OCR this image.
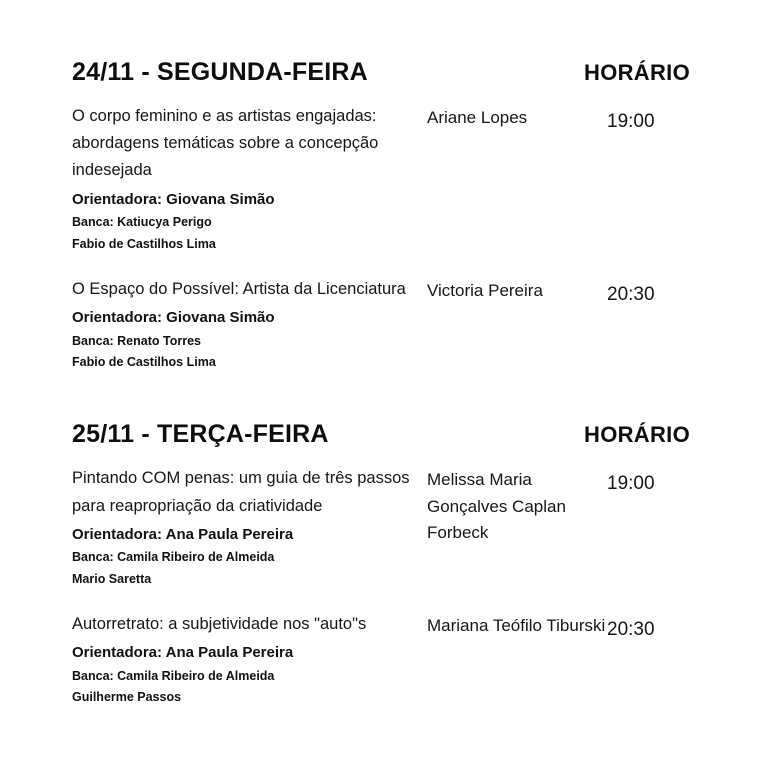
24/11 - SEGUNDA-FEIRA	HORÁRIO
O corpo feminino e as artistas engajadas: abordagens temáticas sobre a concepção indesejada
Orientadora: Giovana Simão
Banca: Katiucya Perigo
Fabio de Castilhos Lima
Ariane Lopes	19:00
O Espaço do Possível: Artista da Licenciatura
Orientadora: Giovana Simão
Banca: Renato Torres
Fabio de Castilhos Lima
Victoria Pereira	20:30
25/11 - TERÇA-FEIRA	HORÁRIO
Pintando COM penas: um guia de três passos para reapropriação da criatividade
Orientadora: Ana Paula Pereira
Banca: Camila Ribeiro de Almeida
Mario Saretta
Melissa Maria Gonçalves Caplan Forbeck
19:00
Autorretrato: a subjetividade nos "auto"s
Orientadora: Ana Paula Pereira
Banca: Camila Ribeiro de Almeida
Guilherme Passos
Mariana Teófilo Tiburski 20:30
